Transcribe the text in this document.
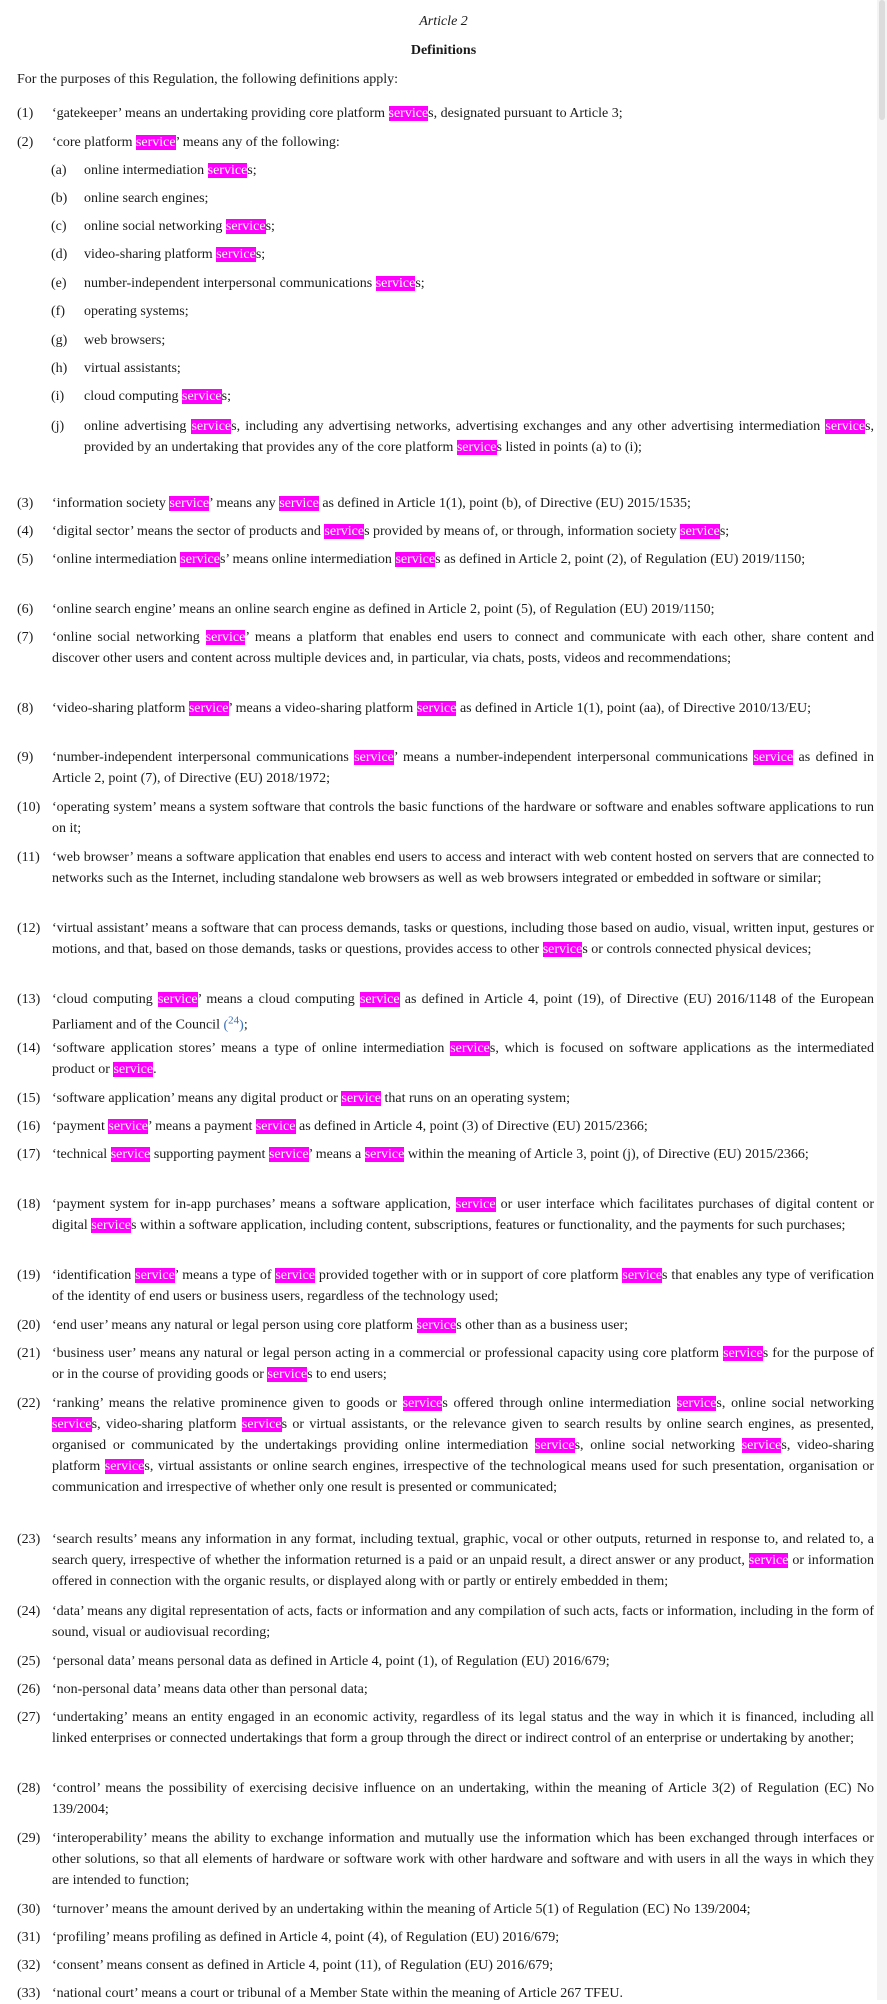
Article 2
Definitions
For the purposes of this Regulation, the following definitions apply:
(1) ‘gatekeeper’ means an undertaking providing core platform services, designated pursuant to Article 3;
(2) ‘core platform service’ means any of the following:
(a) online intermediation services;
(b) online search engines;
(c) online social networking services;
(d) video-sharing platform services;
(e) number-independent interpersonal communications services;
(f) operating systems;
(g) web browsers;
(h) virtual assistants;
(i) cloud computing services;
(j) online advertising services, including any advertising networks, advertising exchanges and any other advertising intermediation services, provided by an undertaking that provides any of the core platform services listed in points (a) to (i);
(3) ‘information society service’ means any service as defined in Article 1(1), point (b), of Directive (EU) 2015/1535;
(4) ‘digital sector’ means the sector of products and services provided by means of, or through, information society services;
(5) ‘online intermediation services’ means online intermediation services as defined in Article 2, point (2), of Regulation (EU) 2019/1150;
(6) ‘online search engine’ means an online search engine as defined in Article 2, point (5), of Regulation (EU) 2019/1150;
(7) ‘online social networking service’ means a platform that enables end users to connect and communicate with each other, share content and discover other users and content across multiple devices and, in particular, via chats, posts, videos and recommendations;
(8) ‘video-sharing platform service’ means a video-sharing platform service as defined in Article 1(1), point (aa), of Directive 2010/13/EU;
(9) ‘number-independent interpersonal communications service’ means a number-independent interpersonal communications service as defined in Article 2, point (7), of Directive (EU) 2018/1972;
(10) ‘operating system’ means a system software that controls the basic functions of the hardware or software and enables software applications to run on it;
(11) ‘web browser’ means a software application that enables end users to access and interact with web content hosted on servers that are connected to networks such as the Internet, including standalone web browsers as well as web browsers integrated or embedded in software or similar;
(12) ‘virtual assistant’ means a software that can process demands, tasks or questions, including those based on audio, visual, written input, gestures or motions, and that, based on those demands, tasks or questions, provides access to other services or controls connected physical devices;
(13) ‘cloud computing service’ means a cloud computing service as defined in Article 4, point (19), of Directive (EU) 2016/1148 of the European Parliament and of the Council ($^{24}$);
(14) ‘software application stores’ means a type of online intermediation services, which is focused on software applications as the intermediated product or service.
(15) ‘software application’ means any digital product or service that runs on an operating system;
(16) ‘payment service’ means a payment service as defined in Article 4, point (3) of Directive (EU) 2015/2366;
(17) ‘technical service supporting payment service’ means a service within the meaning of Article 3, point (j), of Directive (EU) 2015/2366;
(18) ‘payment system for in-app purchases’ means a software application, service or user interface which facilitates purchases of digital content or digital services within a software application, including content, subscriptions, features or functionality, and the payments for such purchases;
(19) ‘identification service’ means a type of service provided together with or in support of core platform services that enables any type of verification of the identity of end users or business users, regardless of the technology used;
(20) ‘end user’ means any natural or legal person using core platform services other than as a business user;
(21) ‘business user’ means any natural or legal person acting in a commercial or professional capacity using core platform services for the purpose of or in the course of providing goods or services to end users;
(22) ‘ranking’ means the relative prominence given to goods or services offered through online intermediation services, online social networking services, video-sharing platform services or virtual assistants, or the relevance given to search results by online search engines, as presented, organised or communicated by the undertakings providing online intermediation services, online social networking services, video-sharing platform services, virtual assistants or online search engines, irrespective of the technological means used for such presentation, organisation or communication and irrespective of whether only one result is presented or communicated;
(23) ‘search results’ means any information in any format, including textual, graphic, vocal or other outputs, returned in response to, and related to, a search query, irrespective of whether the information returned is a paid or an unpaid result, a direct answer or any product, service or information offered in connection with the organic results, or displayed along with or partly or entirely embedded in them;
(24) ‘data’ means any digital representation of acts, facts or information and any compilation of such acts, facts or information, including in the form of sound, visual or audiovisual recording;
(25) ‘personal data’ means personal data as defined in Article 4, point (1), of Regulation (EU) 2016/679;
(26) ‘non-personal data’ means data other than personal data;
(27) ‘undertaking’ means an entity engaged in an economic activity, regardless of its legal status and the way in which it is financed, including all linked enterprises or connected undertakings that form a group through the direct or indirect control of an enterprise or undertaking by another;
(28) ‘control’ means the possibility of exercising decisive influence on an undertaking, within the meaning of Article 3(2) of Regulation (EC) No 139/2004;
(29) ‘interoperability’ means the ability to exchange information and mutually use the information which has been exchanged through interfaces or other solutions, so that all elements of hardware or software work with other hardware and software and with users in all the ways in which they are intended to function;
(30) ‘turnover’ means the amount derived by an undertaking within the meaning of Article 5(1) of Regulation (EC) No 139/2004;
(31) ‘profiling’ means profiling as defined in Article 4, point (4), of Regulation (EU) 2016/679;
(32) ‘consent’ means consent as defined in Article 4, point (11), of Regulation (EU) 2016/679;
(33) ‘national court’ means a court or tribunal of a Member State within the meaning of Article 267 TFEU.
